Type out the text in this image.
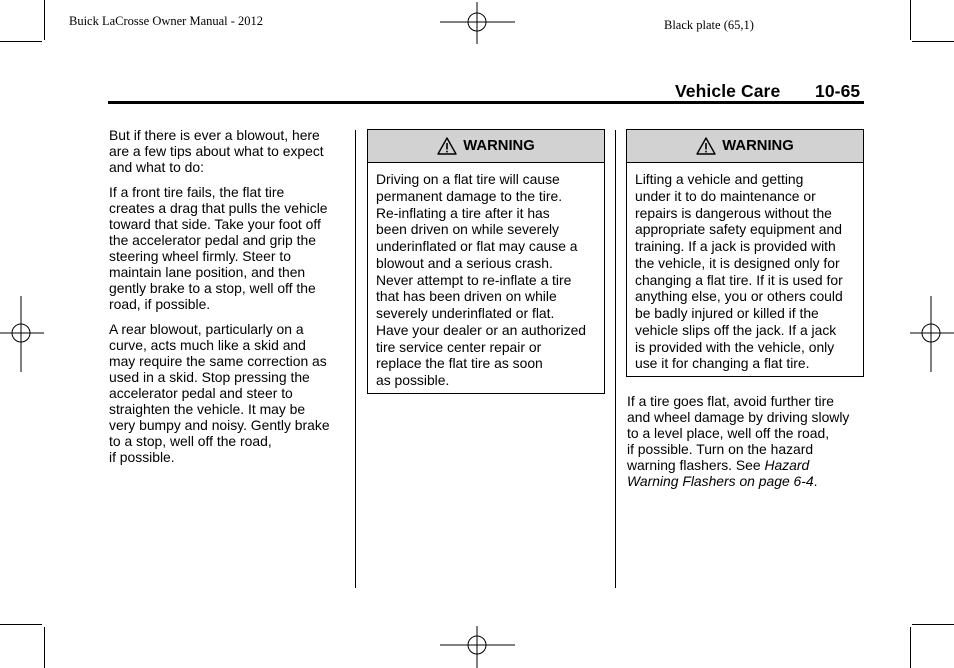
Buick LaCrosse Owner Manual - 2012	Black plate (65,1)
Vehicle Care 10-65

But if there is ever a blowout, here
are a few tips about what to expect
and what to do:

If a front tire fails, the flat tire
creates a drag that pulls the vehicle
toward that side. Take your foot off
the accelerator pedal and grip the
steering wheel firmly. Steer to
maintain lane position, and then
gently brake to a stop, well off the
road, if possible.

A rear blowout, particularly on a
curve, acts much like a skid and
may require the same correction as
used in a skid. Stop pressing the
accelerator pedal and steer to
straighten the vehicle. It may be
very bumpy and noisy. Gently brake
to a stop, well off the road,
if possible.

WARNING
Driving on a flat tire will cause
permanent damage to the tire.
Re-inflating a tire after it has
been driven on while severely
underinflated or flat may cause a
blowout and a serious crash.
Never attempt to re-inflate a tire
that has been driven on while
severely underinflated or flat.
Have your dealer or an authorized
tire service center repair or
replace the flat tire as soon
as possible.
WARNING
Lifting a vehicle and getting
under it to do maintenance or
repairs is dangerous without the
appropriate safety equipment and
training. If a jack is provided with
the vehicle, it is designed only for
changing a flat tire. If it is used for
anything else, you or others could
be badly injured or killed if the
vehicle slips off the jack. If a jack
is provided with the vehicle, only
use it for changing a flat tire.
If a tire goes flat, avoid further tire
and wheel damage by driving slowly
to a level place, well off the road,
if possible. Turn on the hazard
warning flashers. See Hazard
Warning Flashers on page 6-4.
